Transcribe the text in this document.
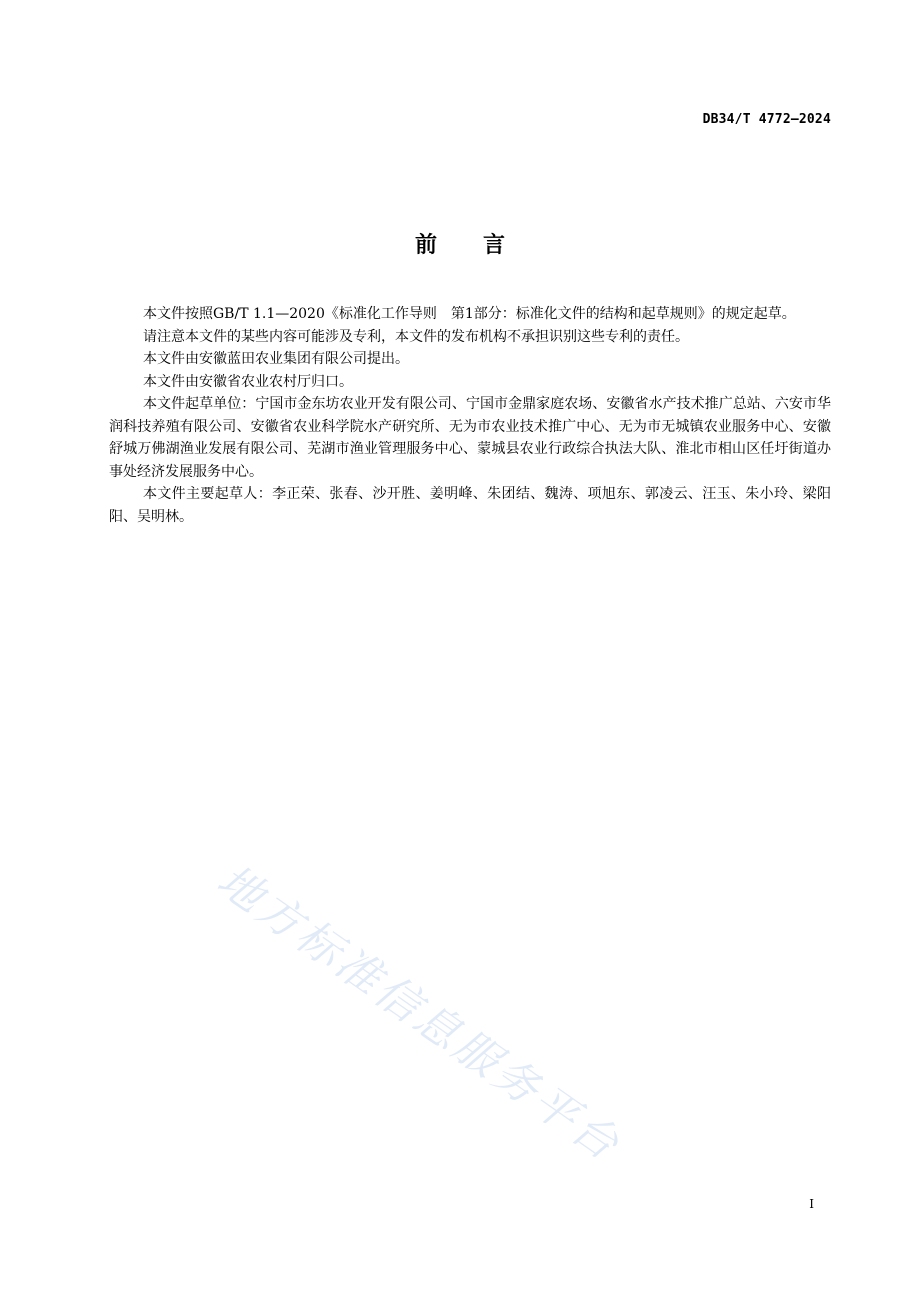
DB34/T 4772—2024
前 言

本文件按照GB/T 1.1—2020《标准化工作导则　第1部分：标准化文件的结构和起草规则》的规定起草。

请注意本文件的某些内容可能涉及专利，本文件的发布机构不承担识别这些专利的责任。

本文件由安徽蓝田农业集团有限公司提出。

本文件由安徽省农业农村厅归口。

本文件起草单位：宁国市金东坊农业开发有限公司、宁国市金鼎家庭农场、安徽省水产技术推广总站、六安市华润科技养殖有限公司、安徽省农业科学院水产研究所、无为市农业技术推广中心、无为市无城镇农业服务中心、安徽舒城万佛湖渔业发展有限公司、芜湖市渔业管理服务中心、蒙城县农业行政综合执法大队、淮北市相山区任圩街道办事处经济发展服务中心。

本文件主要起草人：李正荣、张春、沙开胜、姜明峰、朱团结、魏涛、项旭东、郭凌云、汪玉、朱小玲、梁阳阳、吴明林。

地方标准信息服务平台
I
